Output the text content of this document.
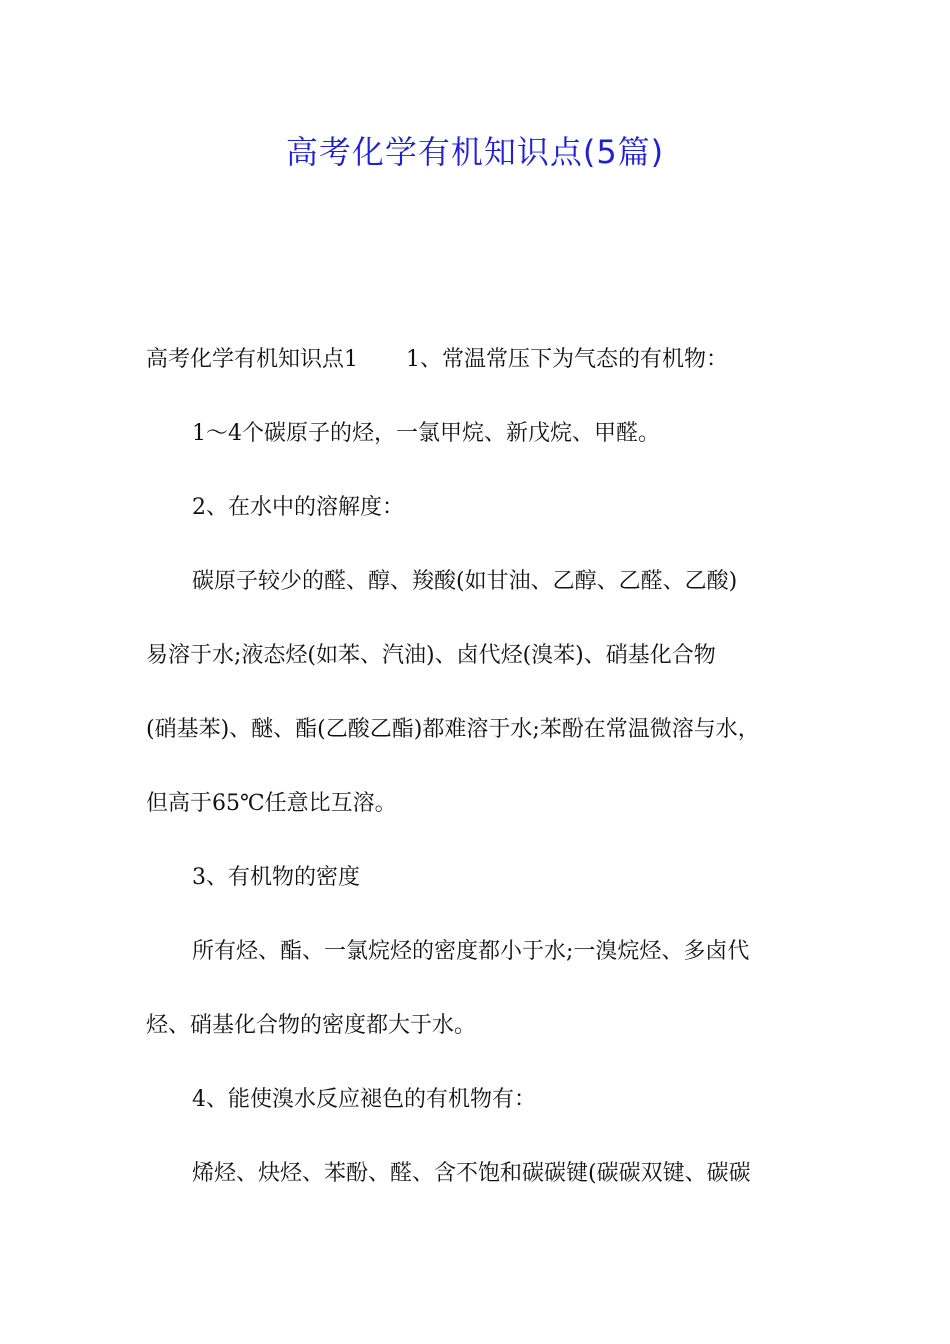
高考化学有机知识点(5篇)
高考化学有机知识点1 1、常温常压下为气态的有机物：
1～4个碳原子的烃，一氯甲烷、新戊烷、甲醛。
2、在水中的溶解度：
碳原子较少的醛、醇、羧酸(如甘油、乙醇、乙醛、乙酸)
易溶于水;液态烃(如苯、汽油)、卤代烃(溴苯)、硝基化合物
(硝基苯)、醚、酯(乙酸乙酯)都难溶于水;苯酚在常温微溶与水，
但高于65℃任意比互溶。
3、有机物的密度
所有烃、酯、一氯烷烃的密度都小于水;一溴烷烃、多卤代
烃、硝基化合物的密度都大于水。
4、能使溴水反应褪色的有机物有：
烯烃、炔烃、苯酚、醛、含不饱和碳碳键(碳碳双键、碳碳
